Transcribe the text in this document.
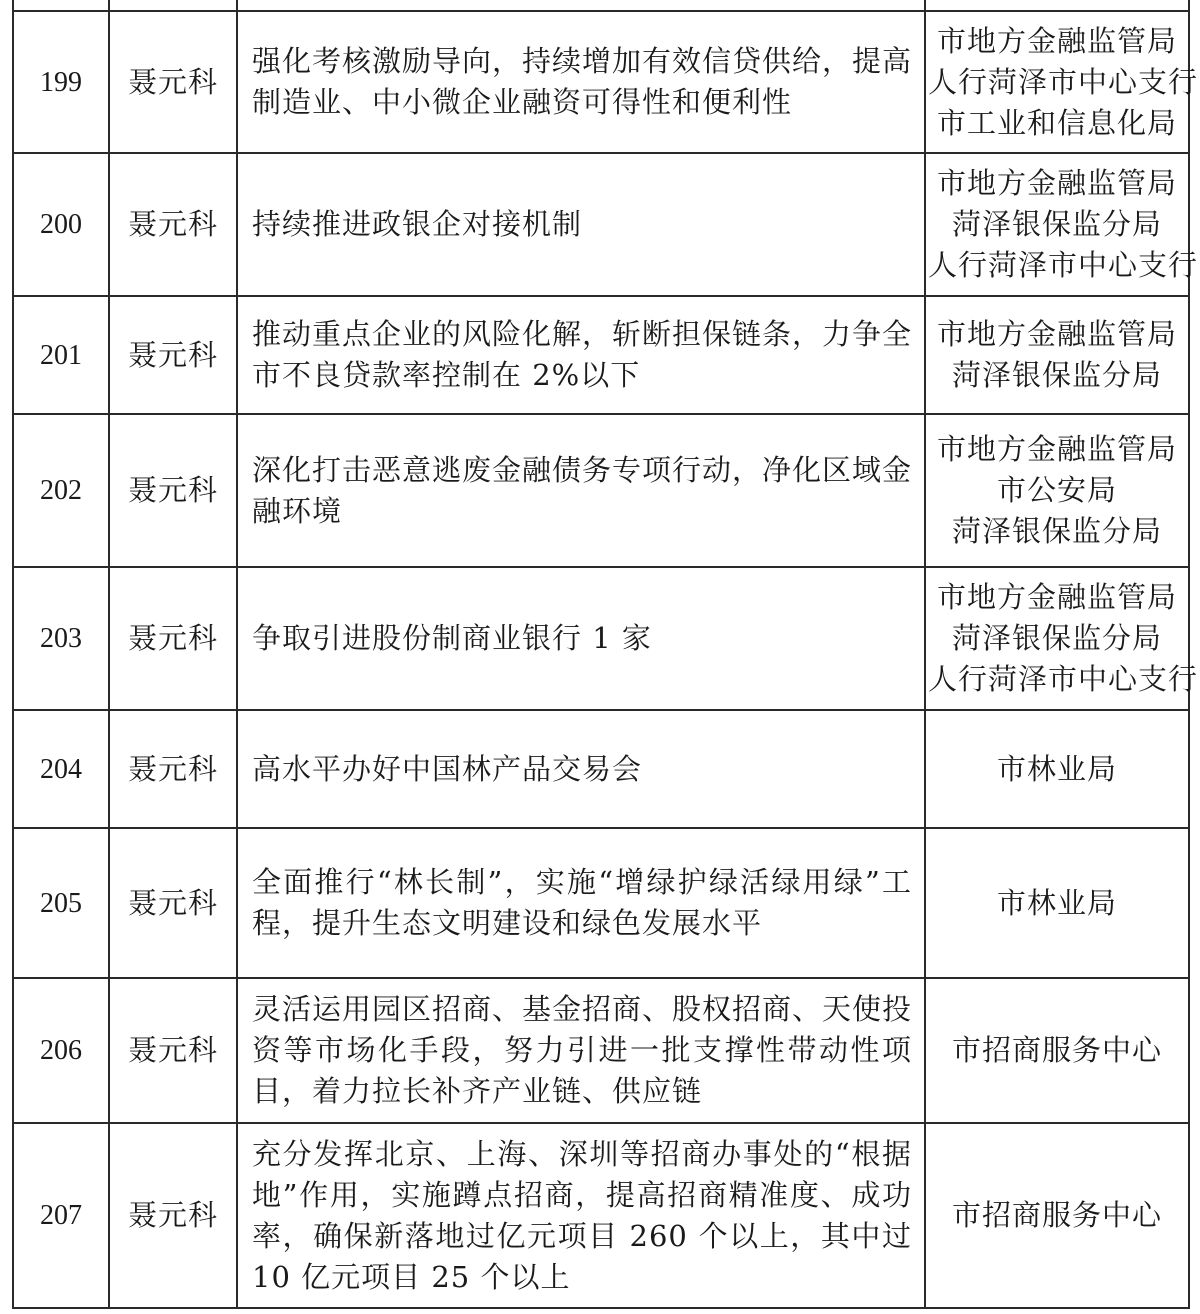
199	聂元科	强化考核激励导向，持续增加有效信贷供给，提高制造业、中小微企业融资可得性和便利性	市地方金融监管局
人行菏泽市中心支行
市工业和信息化局

200	聂元科	持续推进政银企对接机制	市地方金融监管局
菏泽银保监分局
人行菏泽市中心支行

201	聂元科	推动重点企业的风险化解，斩断担保链条，力争全市不良贷款率控制在 2%以下	市地方金融监管局
菏泽银保监分局

202	聂元科	深化打击恶意逃废金融债务专项行动，净化区域金融环境	市地方金融监管局
市公安局
菏泽银保监分局

203	聂元科	争取引进股份制商业银行 1 家	市地方金融监管局
菏泽银保监分局
人行菏泽市中心支行

204	聂元科	高水平办好中国林产品交易会	市林业局

205	聂元科	全面推行“林长制”，实施“增绿护绿活绿用绿”工程，提升生态文明建设和绿色发展水平	市林业局

206	聂元科	灵活运用园区招商、基金招商、股权招商、天使投资等市场化手段，努力引进一批支撑性带动性项目，着力拉长补齐产业链、供应链	市招商服务中心

207	聂元科	充分发挥北京、上海、深圳等招商办事处的“根据地”作用，实施蹲点招商，提高招商精准度、成功率，确保新落地过亿元项目 260 个以上，其中过 10 亿元项目 25 个以上	市招商服务中心
